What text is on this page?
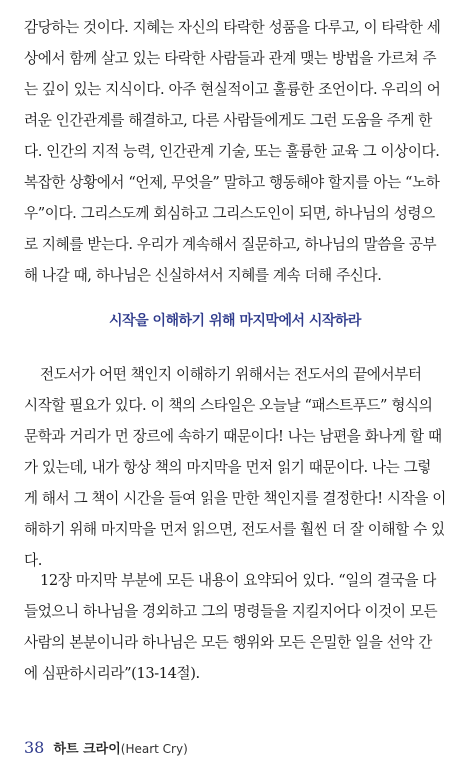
감당하는 것이다. 지혜는 자신의 타락한 성품을 다루고, 이 타락한 세
상에서 함께 살고 있는 타락한 사람들과 관계 맺는 방법을 가르쳐 주
는 깊이 있는 지식이다. 아주 현실적이고 훌륭한 조언이다. 우리의 어
려운 인간관계를 해결하고, 다른 사람들에게도 그런 도움을 주게 한
다. 인간의 지적 능력, 인간관계 기술, 또는 훌륭한 교육 그 이상이다.
복잡한 상황에서 “언제, 무엇을” 말하고 행동해야 할지를 아는 “노하
우”이다. 그리스도께 회심하고 그리스도인이 되면, 하나님의 성령으
로 지혜를 받는다. 우리가 계속해서 질문하고, 하나님의 말씀을 공부
해 나갈 때, 하나님은 신실하셔서 지혜를 계속 더해 주신다.
시작을 이해하기 위해 마지막에서 시작하라
전도서가 어떤 책인지 이해하기 위해서는 전도서의 끝에서부터
시작할 필요가 있다. 이 책의 스타일은 오늘날 “패스트푸드” 형식의
문학과 거리가 먼 장르에 속하기 때문이다! 나는 남편을 화나게 할 때
가 있는데, 내가 항상 책의 마지막을 먼저 읽기 때문이다. 나는 그렇
게 해서 그 책이 시간을 들여 읽을 만한 책인지를 결정한다! 시작을 이
해하기 위해 마지막을 먼저 읽으면, 전도서를 훨씬 더 잘 이해할 수 있
다.
12장 마지막 부분에 모든 내용이 요약되어 있다. “일의 결국을 다
들었으니 하나님을 경외하고 그의 명령들을 지킬지어다 이것이 모든
사람의 본분이니라 하나님은 모든 행위와 모든 은밀한 일을 선악 간
에 심판하시리라”(13-14절).
38 하트 크라이(Heart Cry)
